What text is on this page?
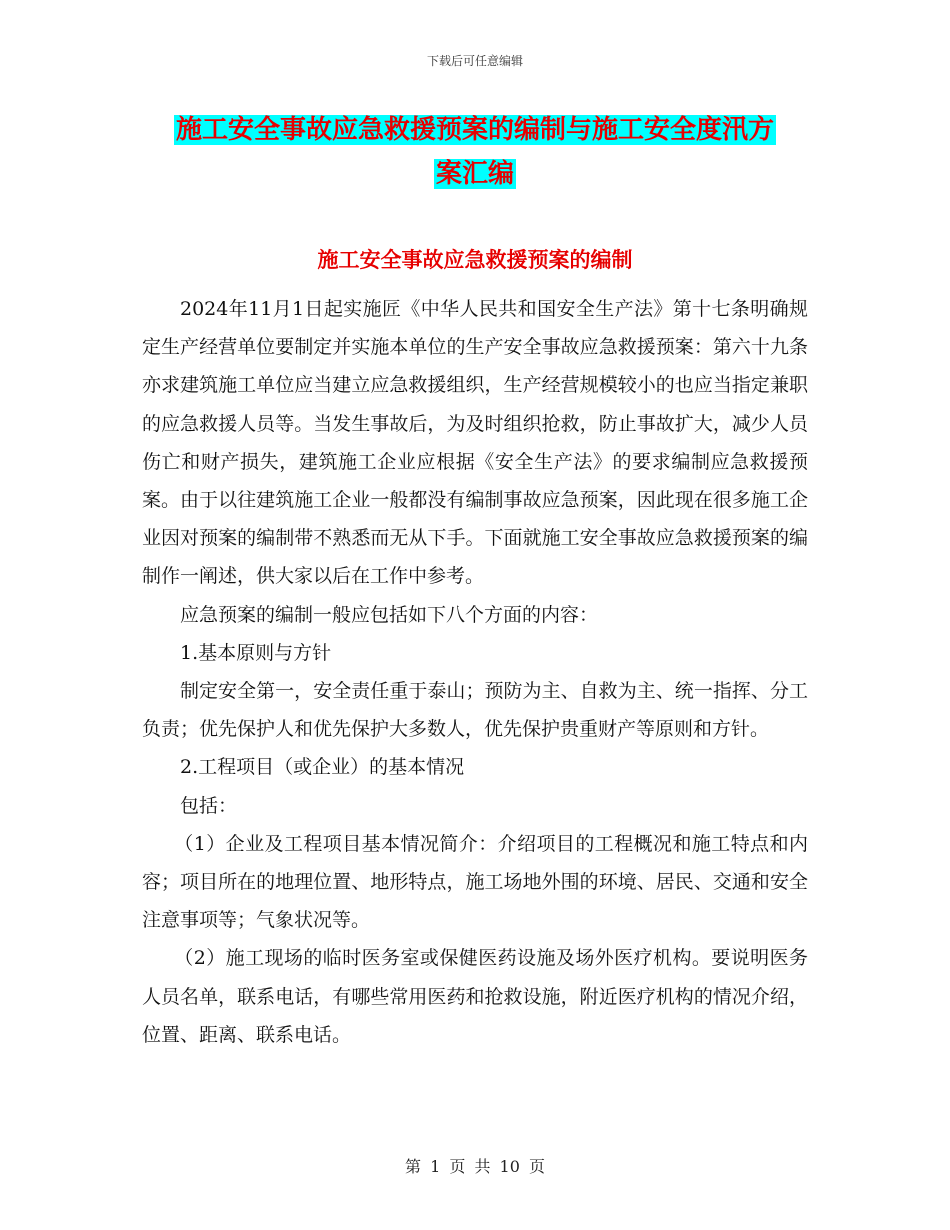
下载后可任意编辑
施工安全事故应急救援预案的编制与施工安全度汛方
案汇编
施工安全事故应急救援预案的编制

2024年11月1日起实施匠《中华人民共和国安全生产法》第十七条明确规定生产经营单位要制定并实施本单位的生产安全事故应急救援预案：第六十九条亦求建筑施工单位应当建立应急救援组织，生产经营规模较小的也应当指定兼职的应急救援人员等。当发生事故后，为及时组织抢救，防止事故扩大，减少人员伤亡和财产损失，建筑施工企业应根据《安全生产法》的要求编制应急救援预案。由于以往建筑施工企业一般都没有编制事故应急预案，因此现在很多施工企业因对预案的编制带不熟悉而无从下手。下面就施工安全事故应急救援预案的编制作一阐述，供大家以后在工作中参考。

应急预案的编制一般应包括如下八个方面的内容：

1.基本原则与方针

制定安全第一，安全责任重于泰山；预防为主、自救为主、统一指挥、分工负责；优先保护人和优先保护大多数人，优先保护贵重财产等原则和方针。

2.工程项目（或企业）的基本情况

包括：

（1）企业及工程项目基本情况简介：介绍项目的工程概况和施工特点和内容；项目所在的地理位置、地形特点，施工场地外围的环境、居民、交通和安全注意事项等；气象状况等。

（2）施工现场的临时医务室或保健医药设施及场外医疗机构。要说明医务人员名单，联系电话，有哪些常用医药和抢救设施，附近医疗机构的情况介绍，位置、距离、联系电话。

第 1 页 共 10 页
